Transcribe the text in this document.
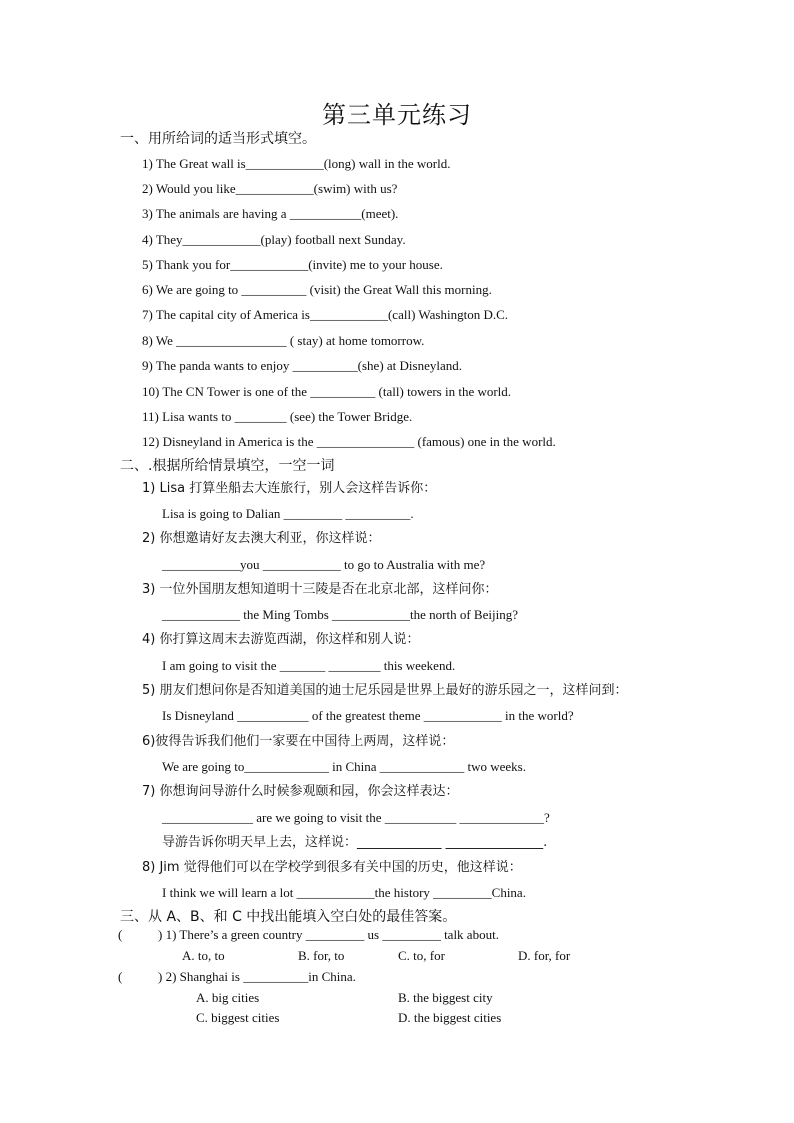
第三单元练习
一、用所给词的适当形式填空。
1) The Great wall is____________(long) wall in the world.
2) Would you like____________(swim) with us?
3) The animals are having a ___________(meet).
4) They____________(play) football next Sunday.
5) Thank you for____________(invite) me to your house.
6) We are going to __________ (visit) the Great Wall this morning.
7) The capital city of America is____________(call) Washington D.C.
8) We _________________ ( stay) at home tomorrow.
9) The panda wants to enjoy __________(she) at Disneyland.
10) The CN Tower is one of the __________ (tall) towers in the world.
11) Lisa wants to ________ (see) the Tower Bridge.
12) Disneyland in America is the _______________ (famous) one in the world.
二、.根据所给情景填空，一空一词
1) Lisa 打算坐船去大连旅行，别人会这样告诉你：
Lisa is going to Dalian _________ __________.
2) 你想邀请好友去澳大利亚，你这样说：
____________you ____________ to go to Australia with me?
3) 一位外国朋友想知道明十三陵是否在北京北部，这样问你：
____________ the Ming Tombs ____________the north of Beijing?
4) 你打算这周末去游览西湖，你这样和别人说：
I am going to visit the _______ ________ this weekend.
5) 朋友们想问你是否知道美国的迪士尼乐园是世界上最好的游乐园之一，这样问到：
Is Disneyland ___________ of the greatest theme ____________ in the world?
6)彼得告诉我们他们一家要在中国待上两周，这样说：
We are going to_____________ in China _____________ two weeks.
7) 你想询问导游什么时候参观颐和园，你会这样表达：
______________ are we going to visit the ___________ _____________?
导游告诉你明天早上去，这样说：_____________ _______________.
8) Jim 觉得他们可以在学校学到很多有关中国的历史，他这样说：
I think we will learn a lot ____________the history _________China.
三、从 A、B、和 C 中找出能填入空白处的最佳答案。
(	) 1) There’s a green country _________ us _________ talk about.
A. to, to	B. for, to	C. to, for	D. for, for
(	) 2) Shanghai is __________in China.
A. big cities	B. the biggest city
C. biggest cities	D. the biggest cities
